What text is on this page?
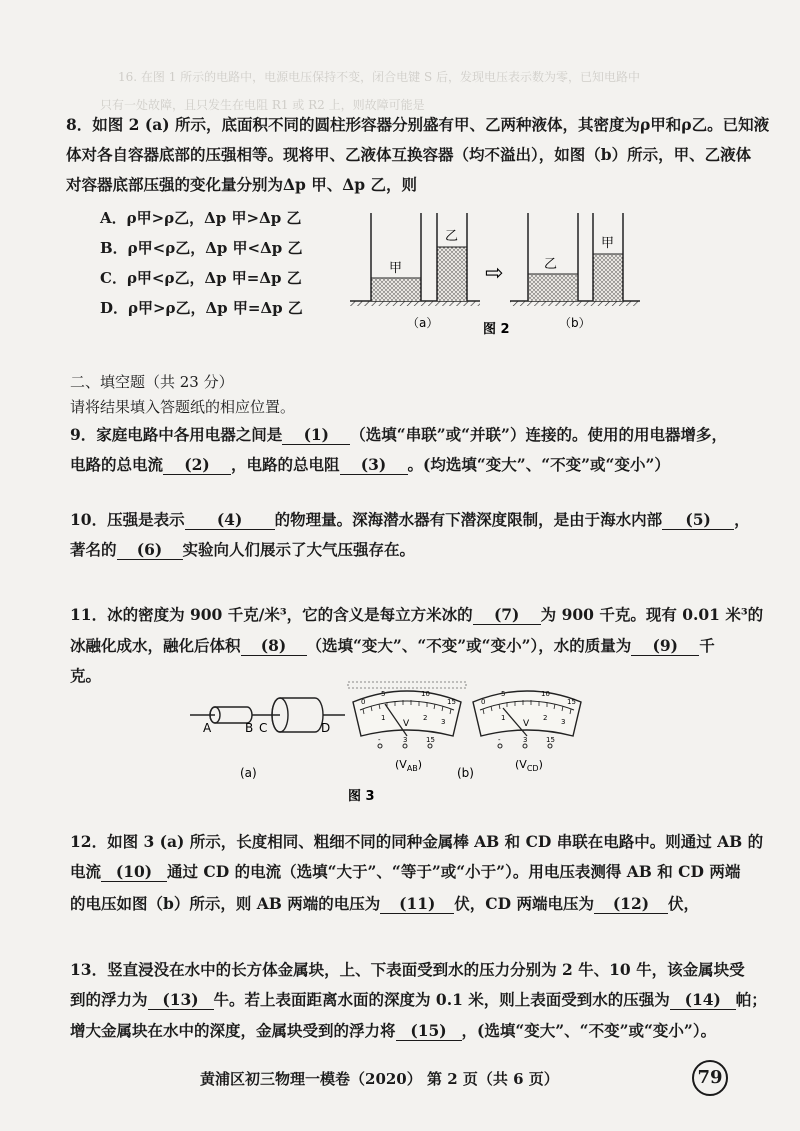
16. 在图 1 所示的电路中，电源电压保持不变，闭合电键 S 后，发现电压表示数为零，已知电路中
只有一处故障，且只发生在电阻 R1 或 R2 上，则故障可能是
8．如图 2 (a) 所示，底面积不同的圆柱形容器分别盛有甲、乙两种液体，其密度为ρ甲和ρ乙。已知液
体对各自容器底部的压强相等。现将甲、乙液体互换容器（均不溢出），如图（b）所示，甲、乙液体
对容器底部压强的变化量分别为Δp 甲、Δp 乙，则
A．ρ甲>ρ乙，Δp 甲>Δp 乙
B．ρ甲<ρ乙，Δp 甲<Δp 乙
C．ρ甲<ρ乙，Δp 甲=Δp 乙
D．ρ甲>ρ乙，Δp 甲=Δp 乙
甲
乙
⇨	乙
甲
（a）	图 2	（b）
二、填空题（共 23 分）
请将结果填入答题纸的相应位置。
9．家庭电路中各用电器之间是 (1) （选填“串联”或“并联”）连接的。使用的用电器增多，
电路的总电流 (2) ，电路的总电阻 (3) 。(均选填“变大”、“不变”或“变小”）
10．压强是表示 (4) 的物理量。深海潜水器有下潜深度限制，是由于海水内部 (5) ，
著名的 (6) 实验向人们展示了大气压强存在。
11．冰的密度为 900 千克/米³，它的含义是每立方米冰的 (7) 为 900 千克。现有 0.01 米³的
冰融化成水，融化后体积 (8) （选填“变大”、“不变”或“变小”），水的质量为 (9) 千
克。
A	B C	D
(a)
V
0
5	10
15
1	2 3
-	3	15
$(V_{AB})$
V
0
5	10
15
1	2 3
-	3	15
$(V_{CD})$
(b)
图 3
12．如图 3 (a) 所示，长度相同、粗细不同的同种金属棒 AB 和 CD 串联在电路中。则通过 AB 的
电流 (10) 通过 CD 的电流（选填“大于”、“等于”或“小于”）。用电压表测得 AB 和 CD 两端
的电压如图（b）所示，则 AB 两端的电压为 (11) 伏，CD 两端电压为 (12) 伏，
13．竖直浸没在水中的长方体金属块，上、下表面受到水的压力分别为 2 牛、10 牛，该金属块受
到的浮力为 (13) 牛。若上表面距离水面的深度为 0.1 米，则上表面受到水的压强为 (14) 帕；
增大金属块在水中的深度，金属块受到的浮力将 (15) ，(选填“变大”、“不变”或“变小”）。
黄浦区初三物理一模卷（2020） 第 2 页（共 6 页）	79
